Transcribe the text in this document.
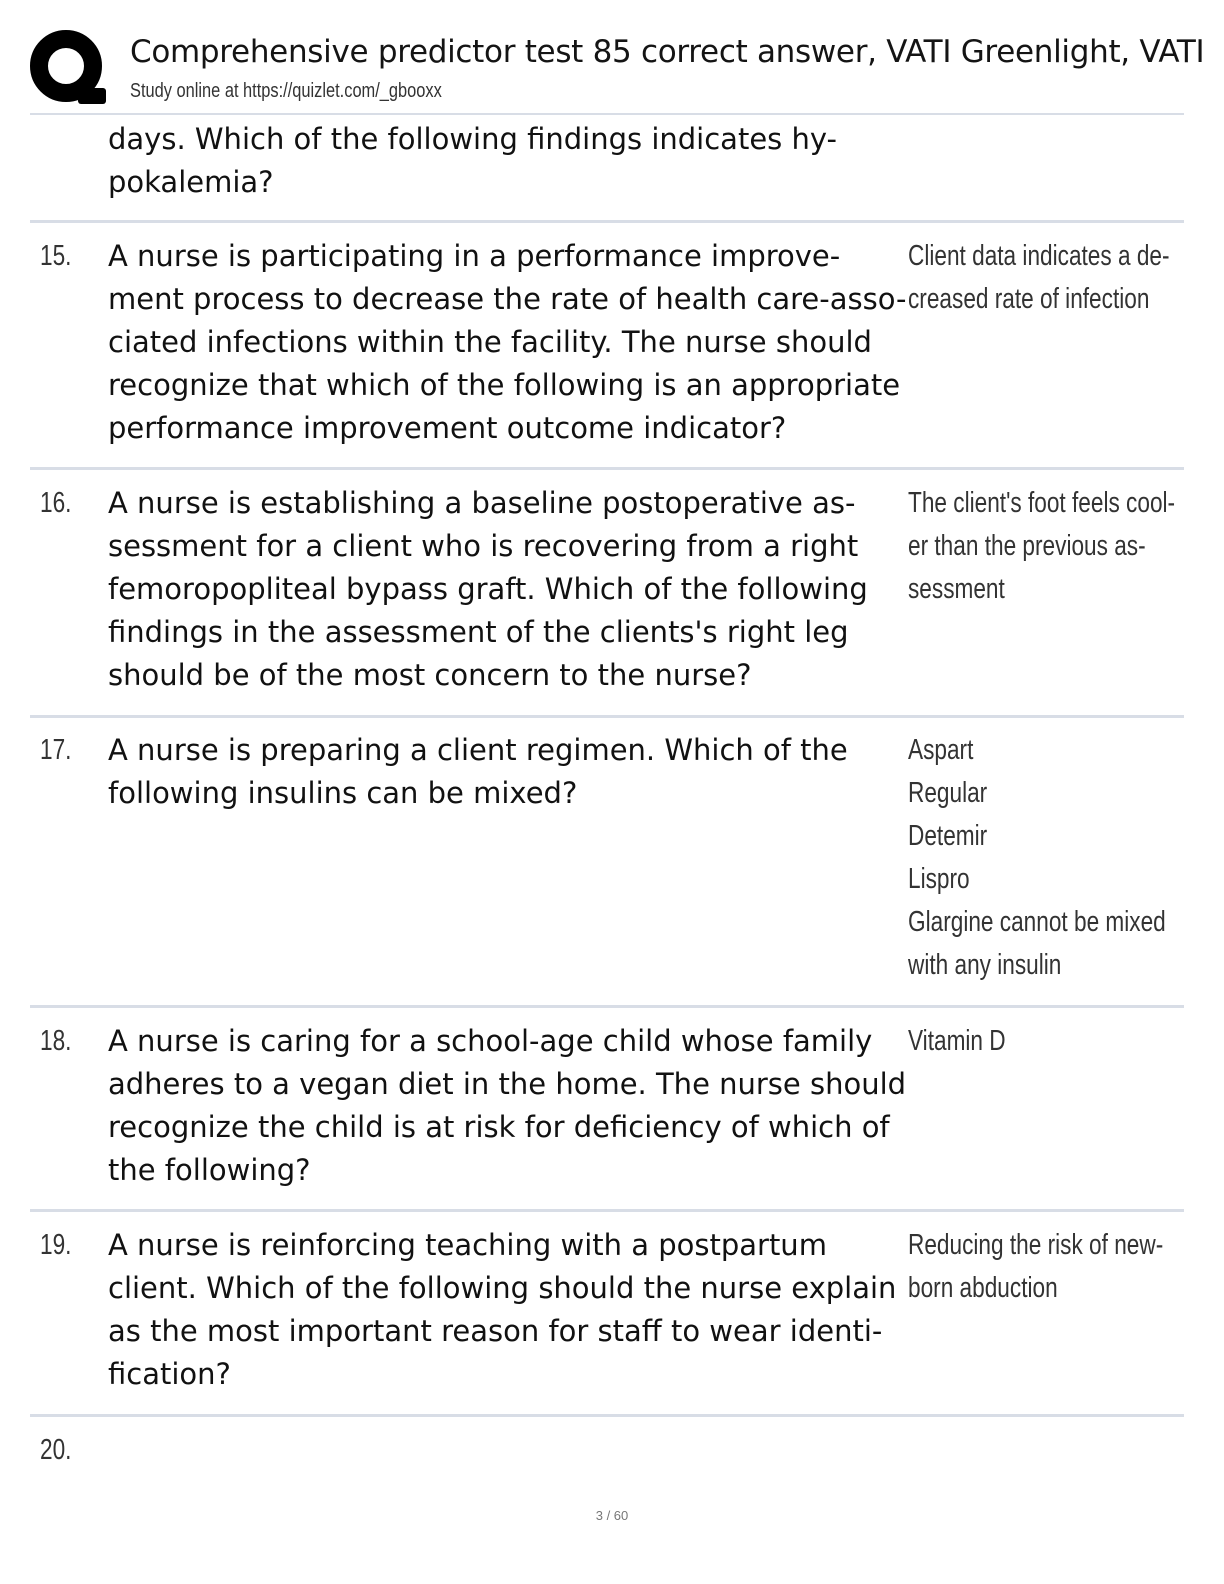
Comprehensive predictor test 85 correct answer, VATI Greenlight, VATI
Study online at https://quizlet.com/_gbooxx
days. Which of the following findings indicates hy-
pokalemia?
15. A nurse is participating in a performance improve-
ment process to decrease the rate of health care-asso-
ciated infections within the facility. The nurse should
recognize that which of the following is an appropriate
performance improvement outcome indicator?
Client data indicates a de-
creased rate of infection
16. A nurse is establishing a baseline postoperative as-
sessment for a client who is recovering from a right
femoropopliteal bypass graft. Which of the following
findings in the assessment of the clients's right leg
should be of the most concern to the nurse?
The client's foot feels cool-
er than the previous as-
sessment
17. A nurse is preparing a client regimen. Which of the
following insulins can be mixed?
Aspart
Regular
Detemir
Lispro
Glargine cannot be mixed
with any insulin
18. A nurse is caring for a school-age child whose family
adheres to a vegan diet in the home. The nurse should
recognize the child is at risk for deficiency of which of
the following?
Vitamin D
19. A nurse is reinforcing teaching with a postpartum
client. Which of the following should the nurse explain
as the most important reason for staff to wear identi-
fication?
Reducing the risk of new-
born abduction
20.
3 / 60
